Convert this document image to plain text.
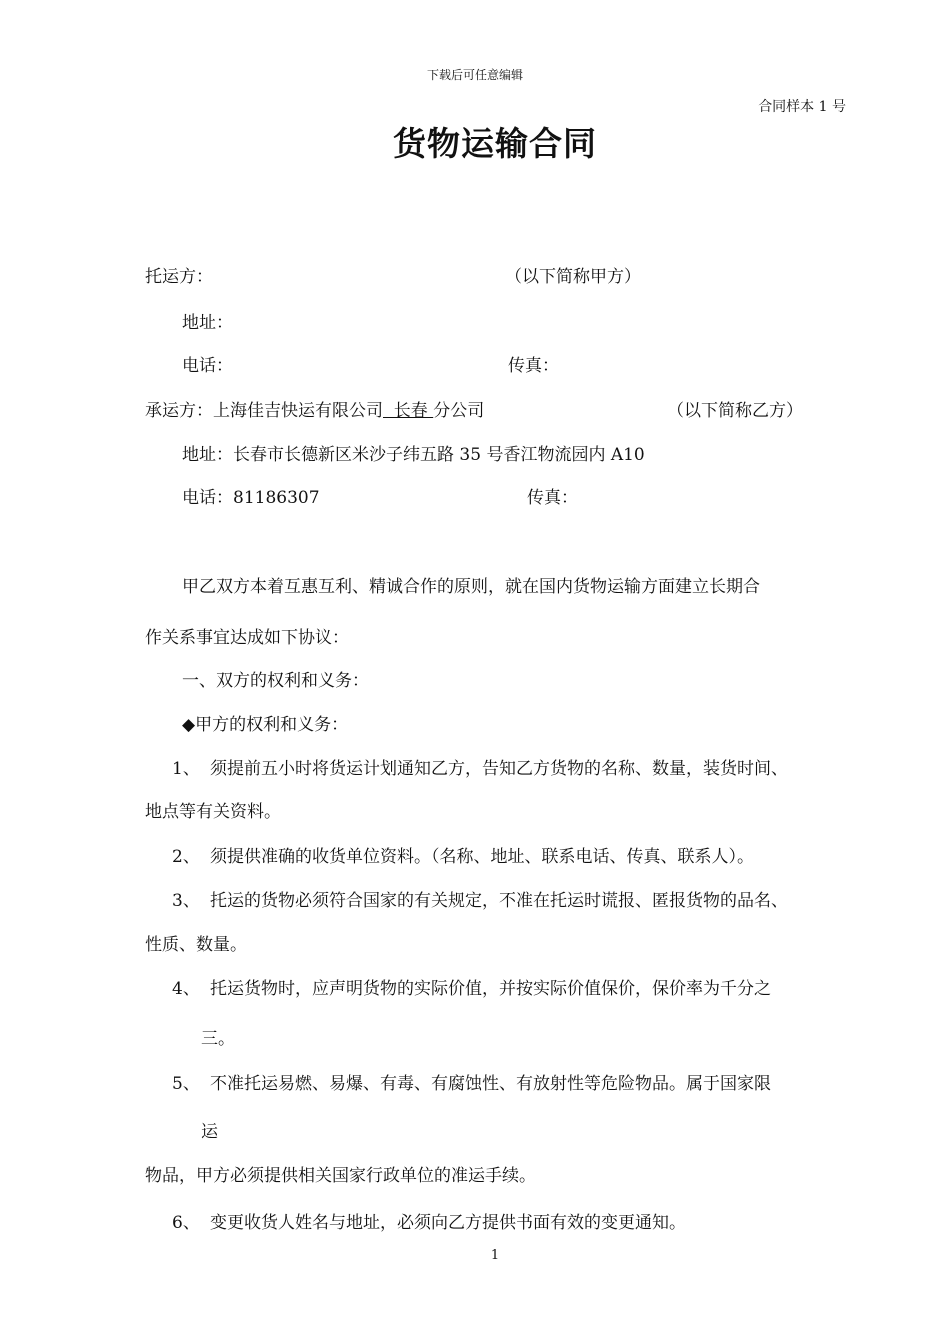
下载后可任意编辑
合同样本 1 号
货物运输合同
托运方：	（以下简称甲方）
地址：
电话：	传真：
承运方：上海佳吉快运有限公司  长春 分公司	（以下简称乙方）
地址：长春市长德新区米沙子纬五路 35 号香江物流园内 A10
电话：81186307	传真：
甲乙双方本着互惠互利、精诚合作的原则，就在国内货物运输方面建立长期合
作关系事宜达成如下协议：
一、双方的权利和义务：
◆甲方的权利和义务：
1、 须提前五小时将货运计划通知乙方，告知乙方货物的名称、数量，装货时间、
地点等有关资料。
2、 须提供准确的收货单位资料。（名称、地址、联系电话、传真、联系人）。
3、 托运的货物必须符合国家的有关规定，不准在托运时谎报、匿报货物的品名、
性质、数量。
4、 托运货物时，应声明货物的实际价值，并按实际价值保价，保价率为千分之
三。
5、 不准托运易燃、易爆、有毒、有腐蚀性、有放射性等危险物品。属于国家限
运
物品，甲方必须提供相关国家行政单位的准运手续。
6、 变更收货人姓名与地址，必须向乙方提供书面有效的变更通知。
1
